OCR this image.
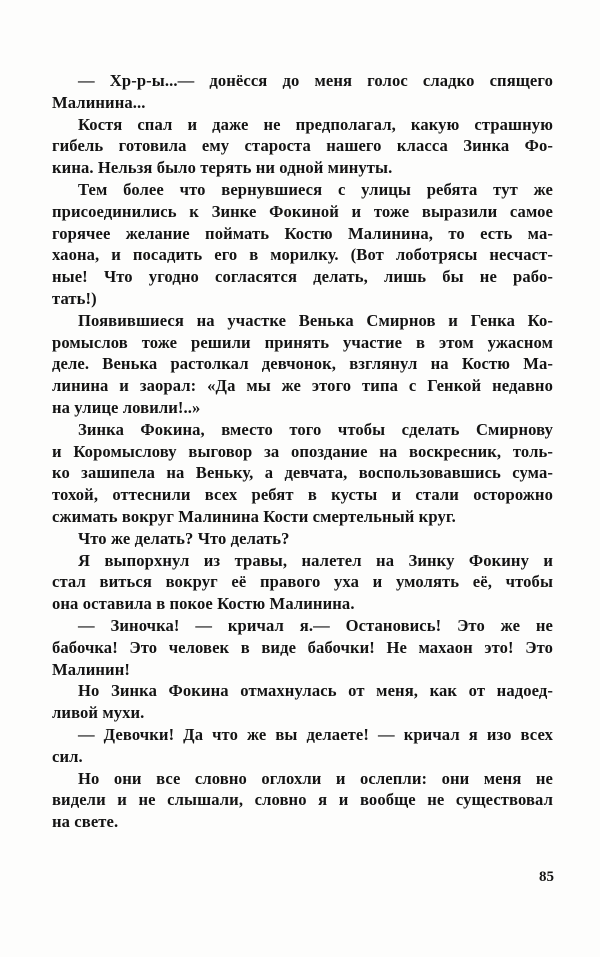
— Хр-р-ы...— донёсся до меня голос сладко спящего
Малинина...
Костя спал и даже не предполагал, какую страшную
гибель готовила ему староста нашего класса Зинка Фо-
кина. Нельзя было терять ни одной минуты.
Тем более что вернувшиеся с улицы ребята тут же
присоединились к Зинке Фокиной и тоже выразили самое
горячее желание поймать Костю Малинина, то есть ма-
хаона, и посадить его в морилку. (Вот лоботрясы несчаст-
ные! Что угодно согласятся делать, лишь бы не рабо-
тать!)
Появившиеся на участке Венька Смирнов и Генка Ко-
ромыслов тоже решили принять участие в этом ужасном
деле. Венька растолкал девчонок, взглянул на Костю Ма-
линина и заорал: «Да мы же этого типа с Генкой недавно
на улице ловили!..»
Зинка Фокина, вместо того чтобы сделать Смирнову
и Коромыслову выговор за опоздание на воскресник, толь-
ко зашипела на Веньку, а девчата, воспользовавшись сума-
тохой, оттеснили всех ребят в кусты и стали осторожно
сжимать вокруг Малинина Кости смертельный круг.
Что же делать? Что делать?
Я выпорхнул из травы, налетел на Зинку Фокину и
стал виться вокруг её правого уха и умолять её, чтобы
она оставила в покое Костю Малинина.
— Зиночка! — кричал я.— Остановись! Это же не
бабочка! Это человек в виде бабочки! Не махаон это! Это
Малинин!
Но Зинка Фокина отмахнулась от меня, как от надоед-
ливой мухи.
— Девочки! Да что же вы делаете! — кричал я изо всех
сил.
Но они все словно оглохли и ослепли: они меня не
видели и не слышали, словно я и вообще не существовал
на свете.
85
